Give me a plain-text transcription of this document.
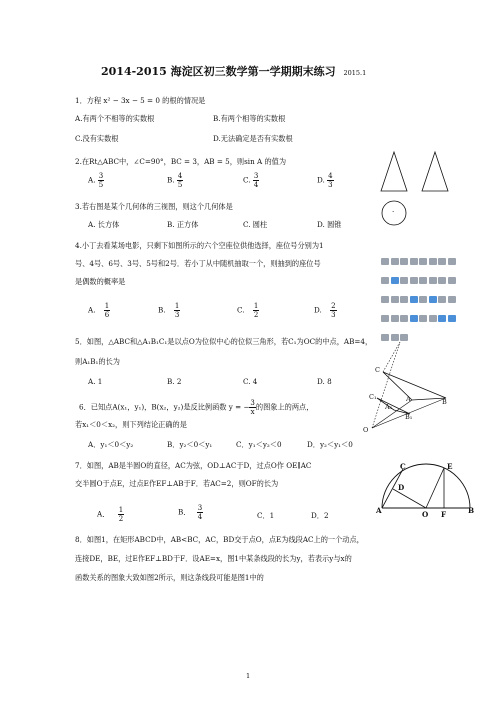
2014-2015 海淀区初三数学第一学期期末练习 2015.1
1．方程 x² − 3x − 5 = 0 的根的情况是
A.有两个不相等的实数根	B.有两个相等的实数根
C.没有实数根	D.无法确定是否有实数根
2.在Rt△ABC中，∠C=90°，BC = 3，AB = 5，则sin A 的值为
A. $\frac{3}{5}$	B. $\frac{4}{5}$	C. $\frac{3}{4}$	D. $\frac{4}{3}$
·
3.若右图是某个几何体的三视图，则这个几何体是
A. 长方体	B. 正方体	C. 圆柱	D. 圆锥
4.小丁去看某场电影，只剩下如图所示的六个空座位供他选择，座位号分别为1
号、4号、6号、3号、5号和2号．若小丁从中随机抽取一个，则抽到的座位号
是偶数的概率是
A. $\frac{1}{6}$	B. $\frac{1}{3}$	C. $\frac{1}{2}$	D. $\frac{2}{3}$
5．如图，△ABC和△A₁B₁C₁是以点O为位似中心的位似三角形，若C₁为OC的中点，AB=4，
则A₁B₁的长为
A. 1	B. 2	C. 4	D. 8
O
C
C₁	A
A₁
B
B₁
6．已知点A(x₁，y₁)，B(x₂，y₂)是反比例函数 y = − $\frac{3}{x}$ 的图象上的两点，
若x₁＜0＜x₂，则下列结论正确的是
A．y₁＜0＜y₂	B．y₂＜0＜y₁	C．y₁＜y₂＜0	D．y₂＜y₁＜0
7．如图，AB是半圆O的直径，AC为弦，OD⊥AC于D，过点O作 OE∥AC
交半圆O于点E，过点E作EF⊥AB于F．若AC=2，则OF的长为
A． $\frac{1}{2}$	B． $\frac{3}{4}$	C．1	D．2
C	E
D
A	O F	B
8．如图1，在矩形ABCD中，AB<BC，AC，BD交于点O，点E为线段AC上的一个动点，
连接DE，BE，过E作EF⊥BD于F．设AE=x，图1中某条线段的长为y，若表示y与x的
函数关系的图象大致如图2所示，则这条线段可能是图1中的
1
